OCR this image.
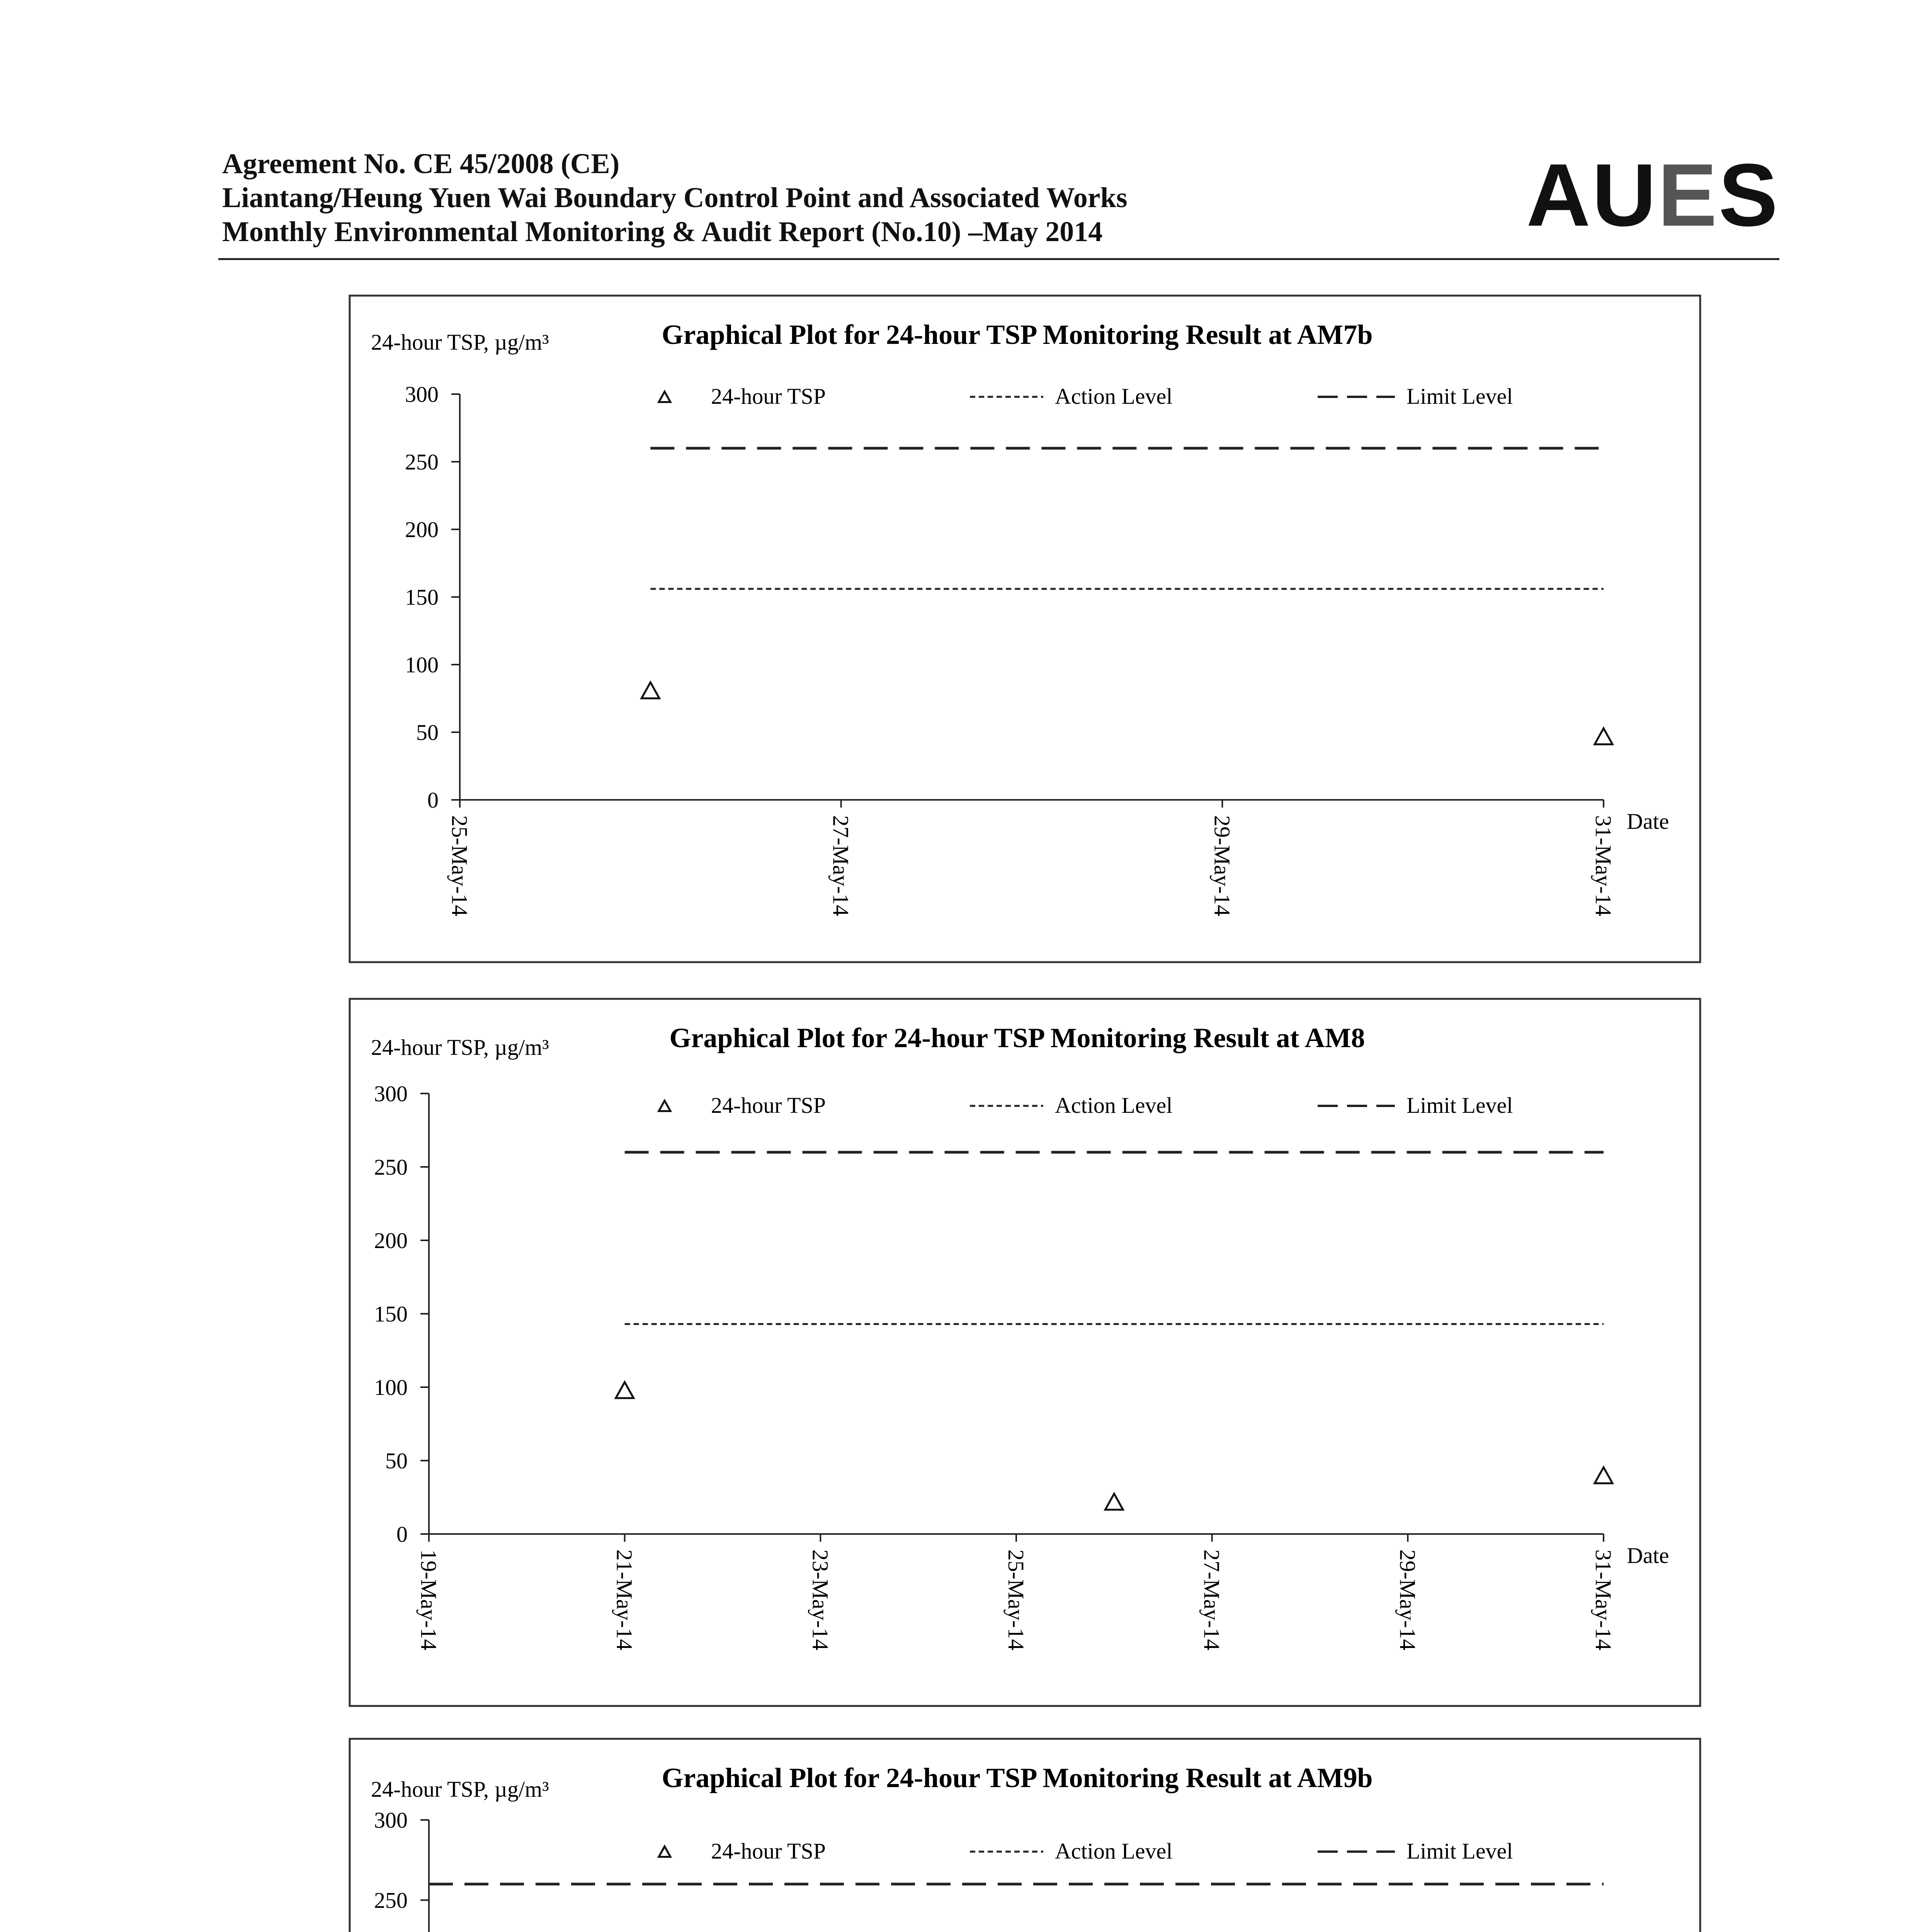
Agreement No. CE 45/2008 (CE)
Liantang/Heung Yuen Wai Boundary Control Point and Associated Works
Monthly Environmental Monitoring & Audit Report (No.10) –May 2014	AUES
Graphical Plot for 24-hour TSP Monitoring Result at AM7b
24-hour TSP, µg/m³
0
50
100
150
200
250
300
25-May-14	27-May-14	29-May-14	31-May-14 Date
24-hour TSP	Action Level	Limit Level
Graphical Plot for 24-hour TSP Monitoring Result at AM8
24-hour TSP, µg/m³
0
50
100
150
200
250
300
19-May-14	21-May-14	23-May-14	25-May-14	27-May-14	29-May-14	31-May-14 Date
24-hour TSP	Action Level	Limit Level
Graphical Plot for 24-hour TSP Monitoring Result at AM9b
24-hour TSP, µg/m³
250
300
24-hour TSP	Action Level	Limit Level
